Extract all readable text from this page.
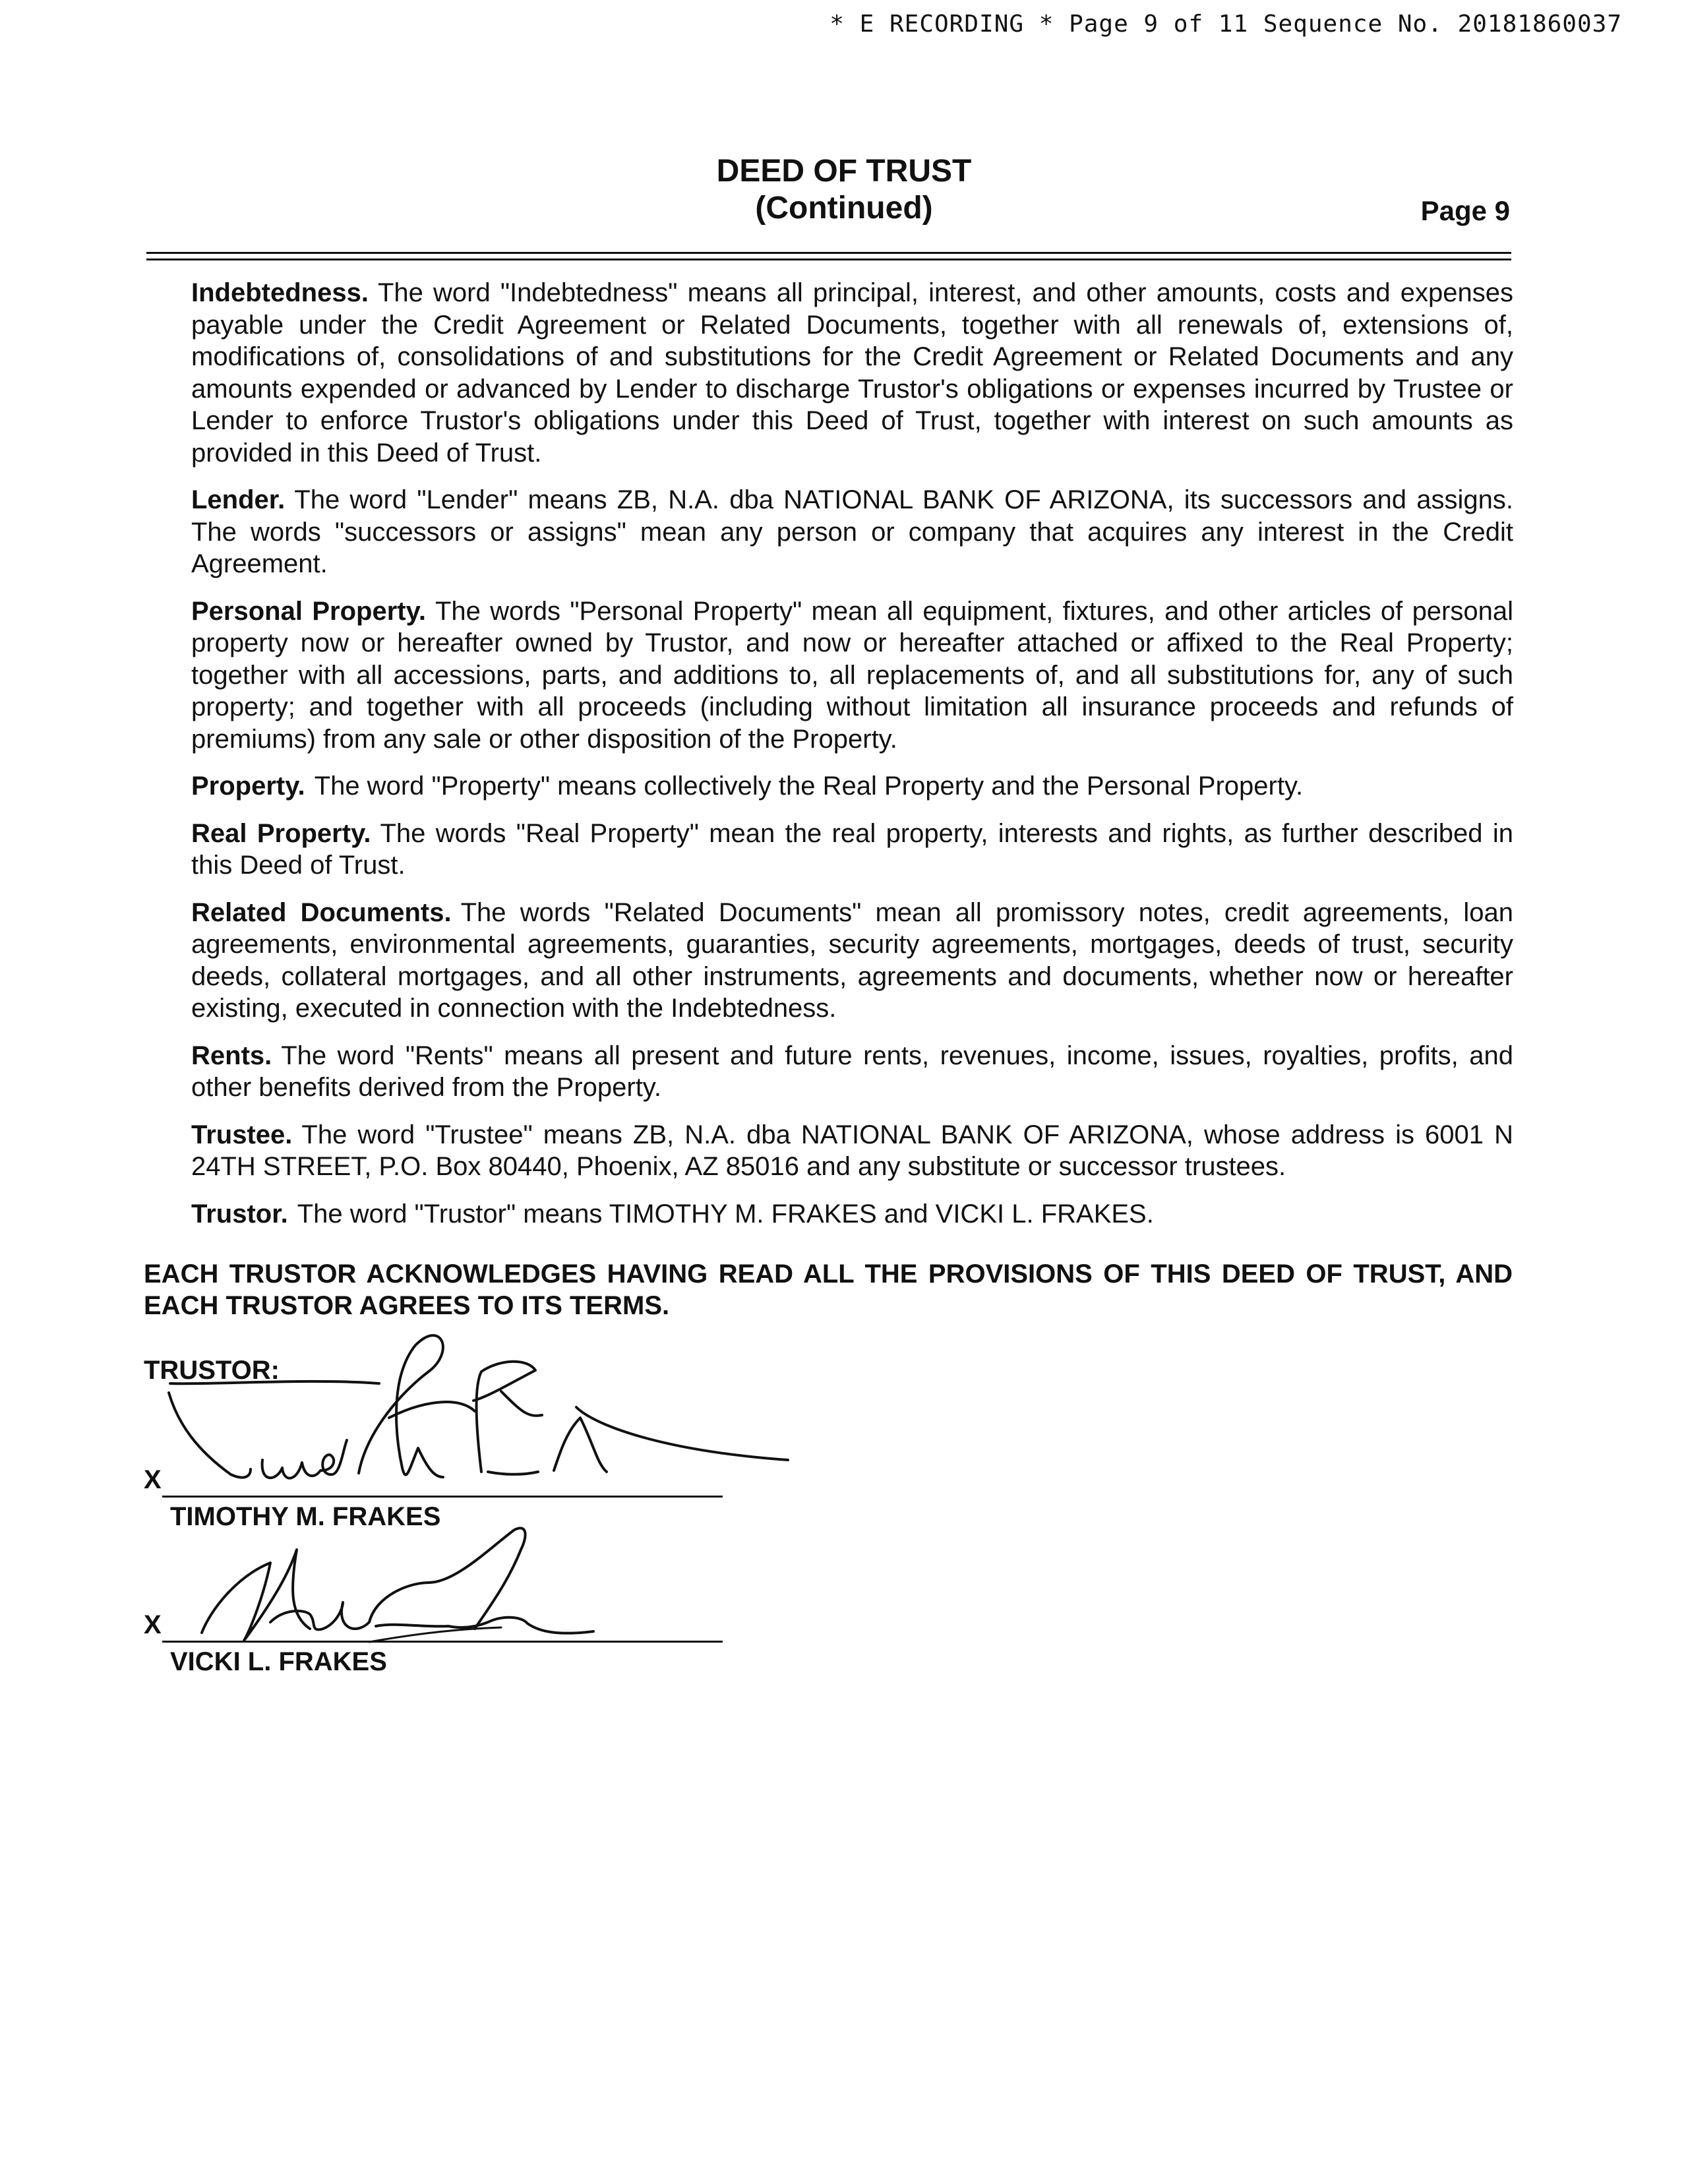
* E RECORDING * Page 9 of 11 Sequence No. 20181860037
DEED OF TRUST
(Continued)	Page 9

Indebtedness. The word "Indebtedness" means all principal, interest, and other amounts, costs and expenses payable under the Credit Agreement or Related Documents, together with all renewals of, extensions of, modifications of, consolidations of and substitutions for the Credit Agreement or Related Documents and any amounts expended or advanced by Lender to discharge Trustor's obligations or expenses incurred by Trustee or Lender to enforce Trustor's obligations under this Deed of Trust, together with interest on such amounts as provided in this Deed of Trust.

Lender. The word "Lender" means ZB, N.A. dba NATIONAL BANK OF ARIZONA, its successors and assigns. The words "successors or assigns" mean any person or company that acquires any interest in the Credit Agreement.

Personal Property. The words "Personal Property" mean all equipment, fixtures, and other articles of personal property now or hereafter owned by Trustor, and now or hereafter attached or affixed to the Real Property; together with all accessions, parts, and additions to, all replacements of, and all substitutions for, any of such property; and together with all proceeds (including without limitation all insurance proceeds and refunds of premiums) from any sale or other disposition of the Property.

Property. The word "Property" means collectively the Real Property and the Personal Property.

Real Property. The words "Real Property" mean the real property, interests and rights, as further described in this Deed of Trust.

Related Documents. The words "Related Documents" mean all promissory notes, credit agreements, loan agreements, environmental agreements, guaranties, security agreements, mortgages, deeds of trust, security deeds, collateral mortgages, and all other instruments, agreements and documents, whether now or hereafter existing, executed in connection with the Indebtedness.

Rents. The word "Rents" means all present and future rents, revenues, income, issues, royalties, profits, and other benefits derived from the Property.

Trustee. The word "Trustee" means ZB, N.A. dba NATIONAL BANK OF ARIZONA, whose address is 6001 N 24TH STREET, P.O. Box 80440, Phoenix, AZ 85016 and any substitute or successor trustees.

Trustor. The word "Trustor" means TIMOTHY M. FRAKES and VICKI L. FRAKES.

EACH TRUSTOR ACKNOWLEDGES HAVING READ ALL THE PROVISIONS OF THIS DEED OF TRUST, AND EACH TRUSTOR AGREES TO ITS TERMS.
TRUSTOR:
X
TIMOTHY M. FRAKES
X
VICKI L. FRAKES
